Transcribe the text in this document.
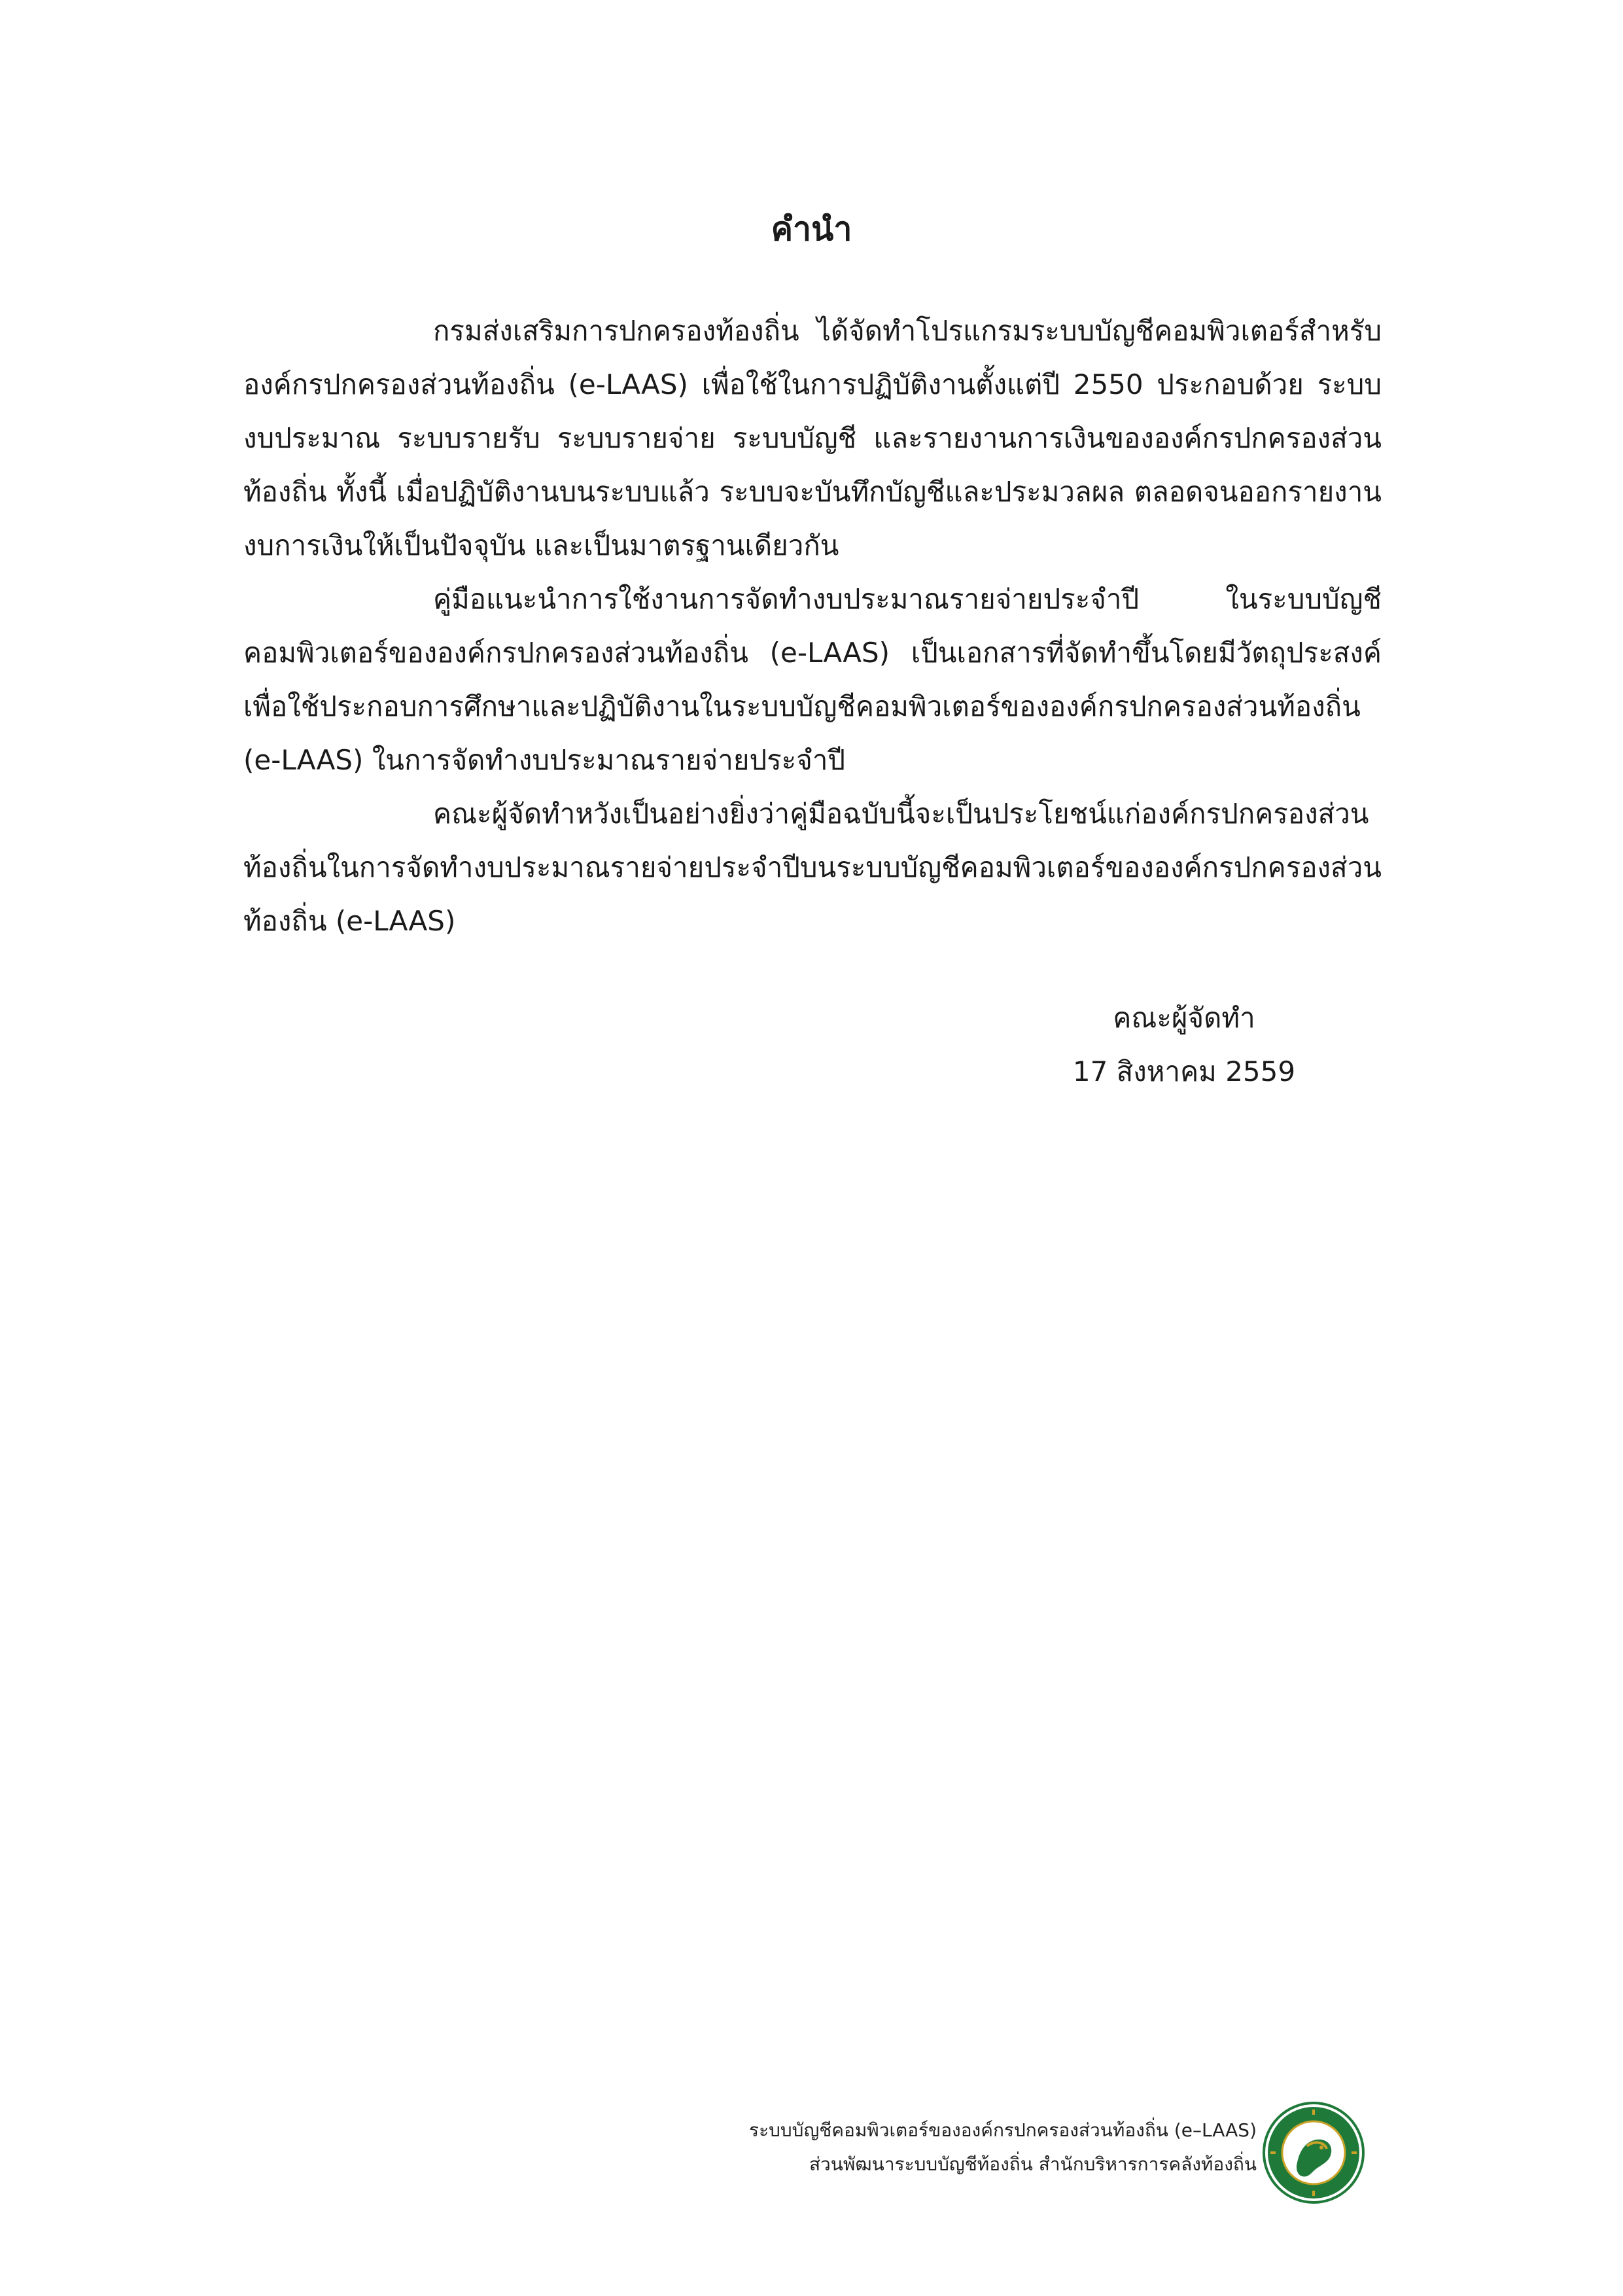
คำนำ

กรมส่งเสริมการปกครองท้องถิ่น ได้จัดทำโปรแกรมระบบบัญชีคอมพิวเตอร์สำหรับองค์กรปกครองส่วนท้องถิ่น (e-LAAS) เพื่อใช้ในการปฏิบัติงานตั้งแต่ปี 2550 ประกอบด้วย ระบบงบประมาณ ระบบรายรับ ระบบรายจ่าย ระบบบัญชี และรายงานการเงินขององค์กรปกครองส่วนท้องถิ่น ทั้งนี้ เมื่อปฏิบัติงานบนระบบแล้ว ระบบจะบันทึกบัญชีและประมวลผล ตลอดจนออกรายงานงบการเงินให้เป็นปัจจุบัน และเป็นมาตรฐานเดียวกัน

คู่มือแนะนำการใช้งานการจัดทำงบประมาณรายจ่ายประจำปี ในระบบบัญชีคอมพิวเตอร์ขององค์กรปกครองส่วนท้องถิ่น (e-LAAS) เป็นเอกสารที่จัดทำขึ้นโดยมีวัตถุประสงค์เพื่อใช้ประกอบการศึกษาและปฏิบัติงานในระบบบัญชีคอมพิวเตอร์ขององค์กรปกครองส่วนท้องถิ่น (e-LAAS) ในการจัดทำงบประมาณรายจ่ายประจำปี

คณะผู้จัดทำหวังเป็นอย่างยิ่งว่าคู่มือฉบับนี้จะเป็นประโยชน์แก่องค์กรปกครองส่วนท้องถิ่นในการจัดทำงบประมาณรายจ่ายประจำปีบนระบบบัญชีคอมพิวเตอร์ขององค์กรปกครองส่วนท้องถิ่น (e-LAAS)

คณะผู้จัดทำ
17 สิงหาคม 2559
ระบบบัญชีคอมพิวเตอร์ขององค์กรปกครองส่วนท้องถิ่น (e–LAAS)
ส่วนพัฒนาระบบบัญชีท้องถิ่น สำนักบริหารการคลังท้องถิ่น
